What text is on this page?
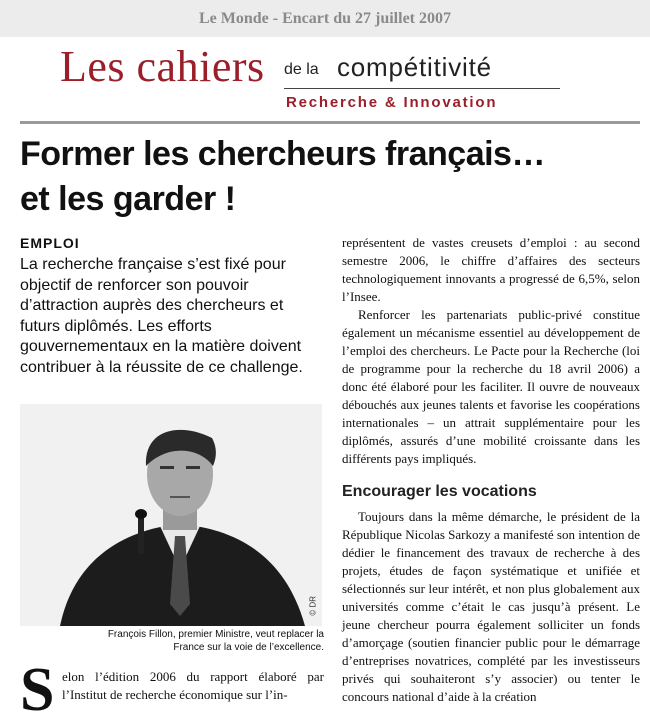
Le Monde - Encart du 27 juillet 2007
Les cahiers de la compétitivité
Recherche & Innovation
Former les chercheurs français…
et les garder !
EMPLOI
La recherche française s’est fixé pour objectif de renforcer son pouvoir d’attraction auprès des chercheurs et futurs diplômés. Les efforts gouvernementaux en la matière doivent contribuer à la réussite de ce challenge.
© DR
François Fillon, premier Ministre, veut replacer la France sur la voie de l’excellence.
S elon l’édition 2006 du rapport élaboré par l’Institut de recherche économique sur l’in-

représentent de vastes creusets d’emploi : au second semestre 2006, le chiffre d’affaires des secteurs technologiquement innovants a progressé de 6,5%, selon l’Insee.

Renforcer les partenariats public-privé constitue également un mécanisme essentiel au développement de l’emploi des chercheurs. Le Pacte pour la Recherche (loi de programme pour la recherche du 18 avril 2006) a donc été élaboré pour les faciliter. Il ouvre de nouveaux débouchés aux jeunes talents et favorise les coopérations internationales – un attrait supplémentaire pour les diplômés, assurés d’une mobilité croissante dans les différents pays impliqués.

Encourager les vocations

Toujours dans la même démarche, le président de la République Nicolas Sarkozy a manifesté son intention de dédier le financement des travaux de recherche à des projets, études de façon systématique et unifiée et sélectionnés sur leur intérêt, et non plus globalement aux universités comme c’était le cas jusqu’à présent. Le jeune chercheur pourra également solliciter un fonds d’amorçage (soutien financier public pour le démarrage d’entreprises novatrices, complété par les investisseurs privés qui souhaiteront s’y associer) ou tenter le concours national d’aide à la création
